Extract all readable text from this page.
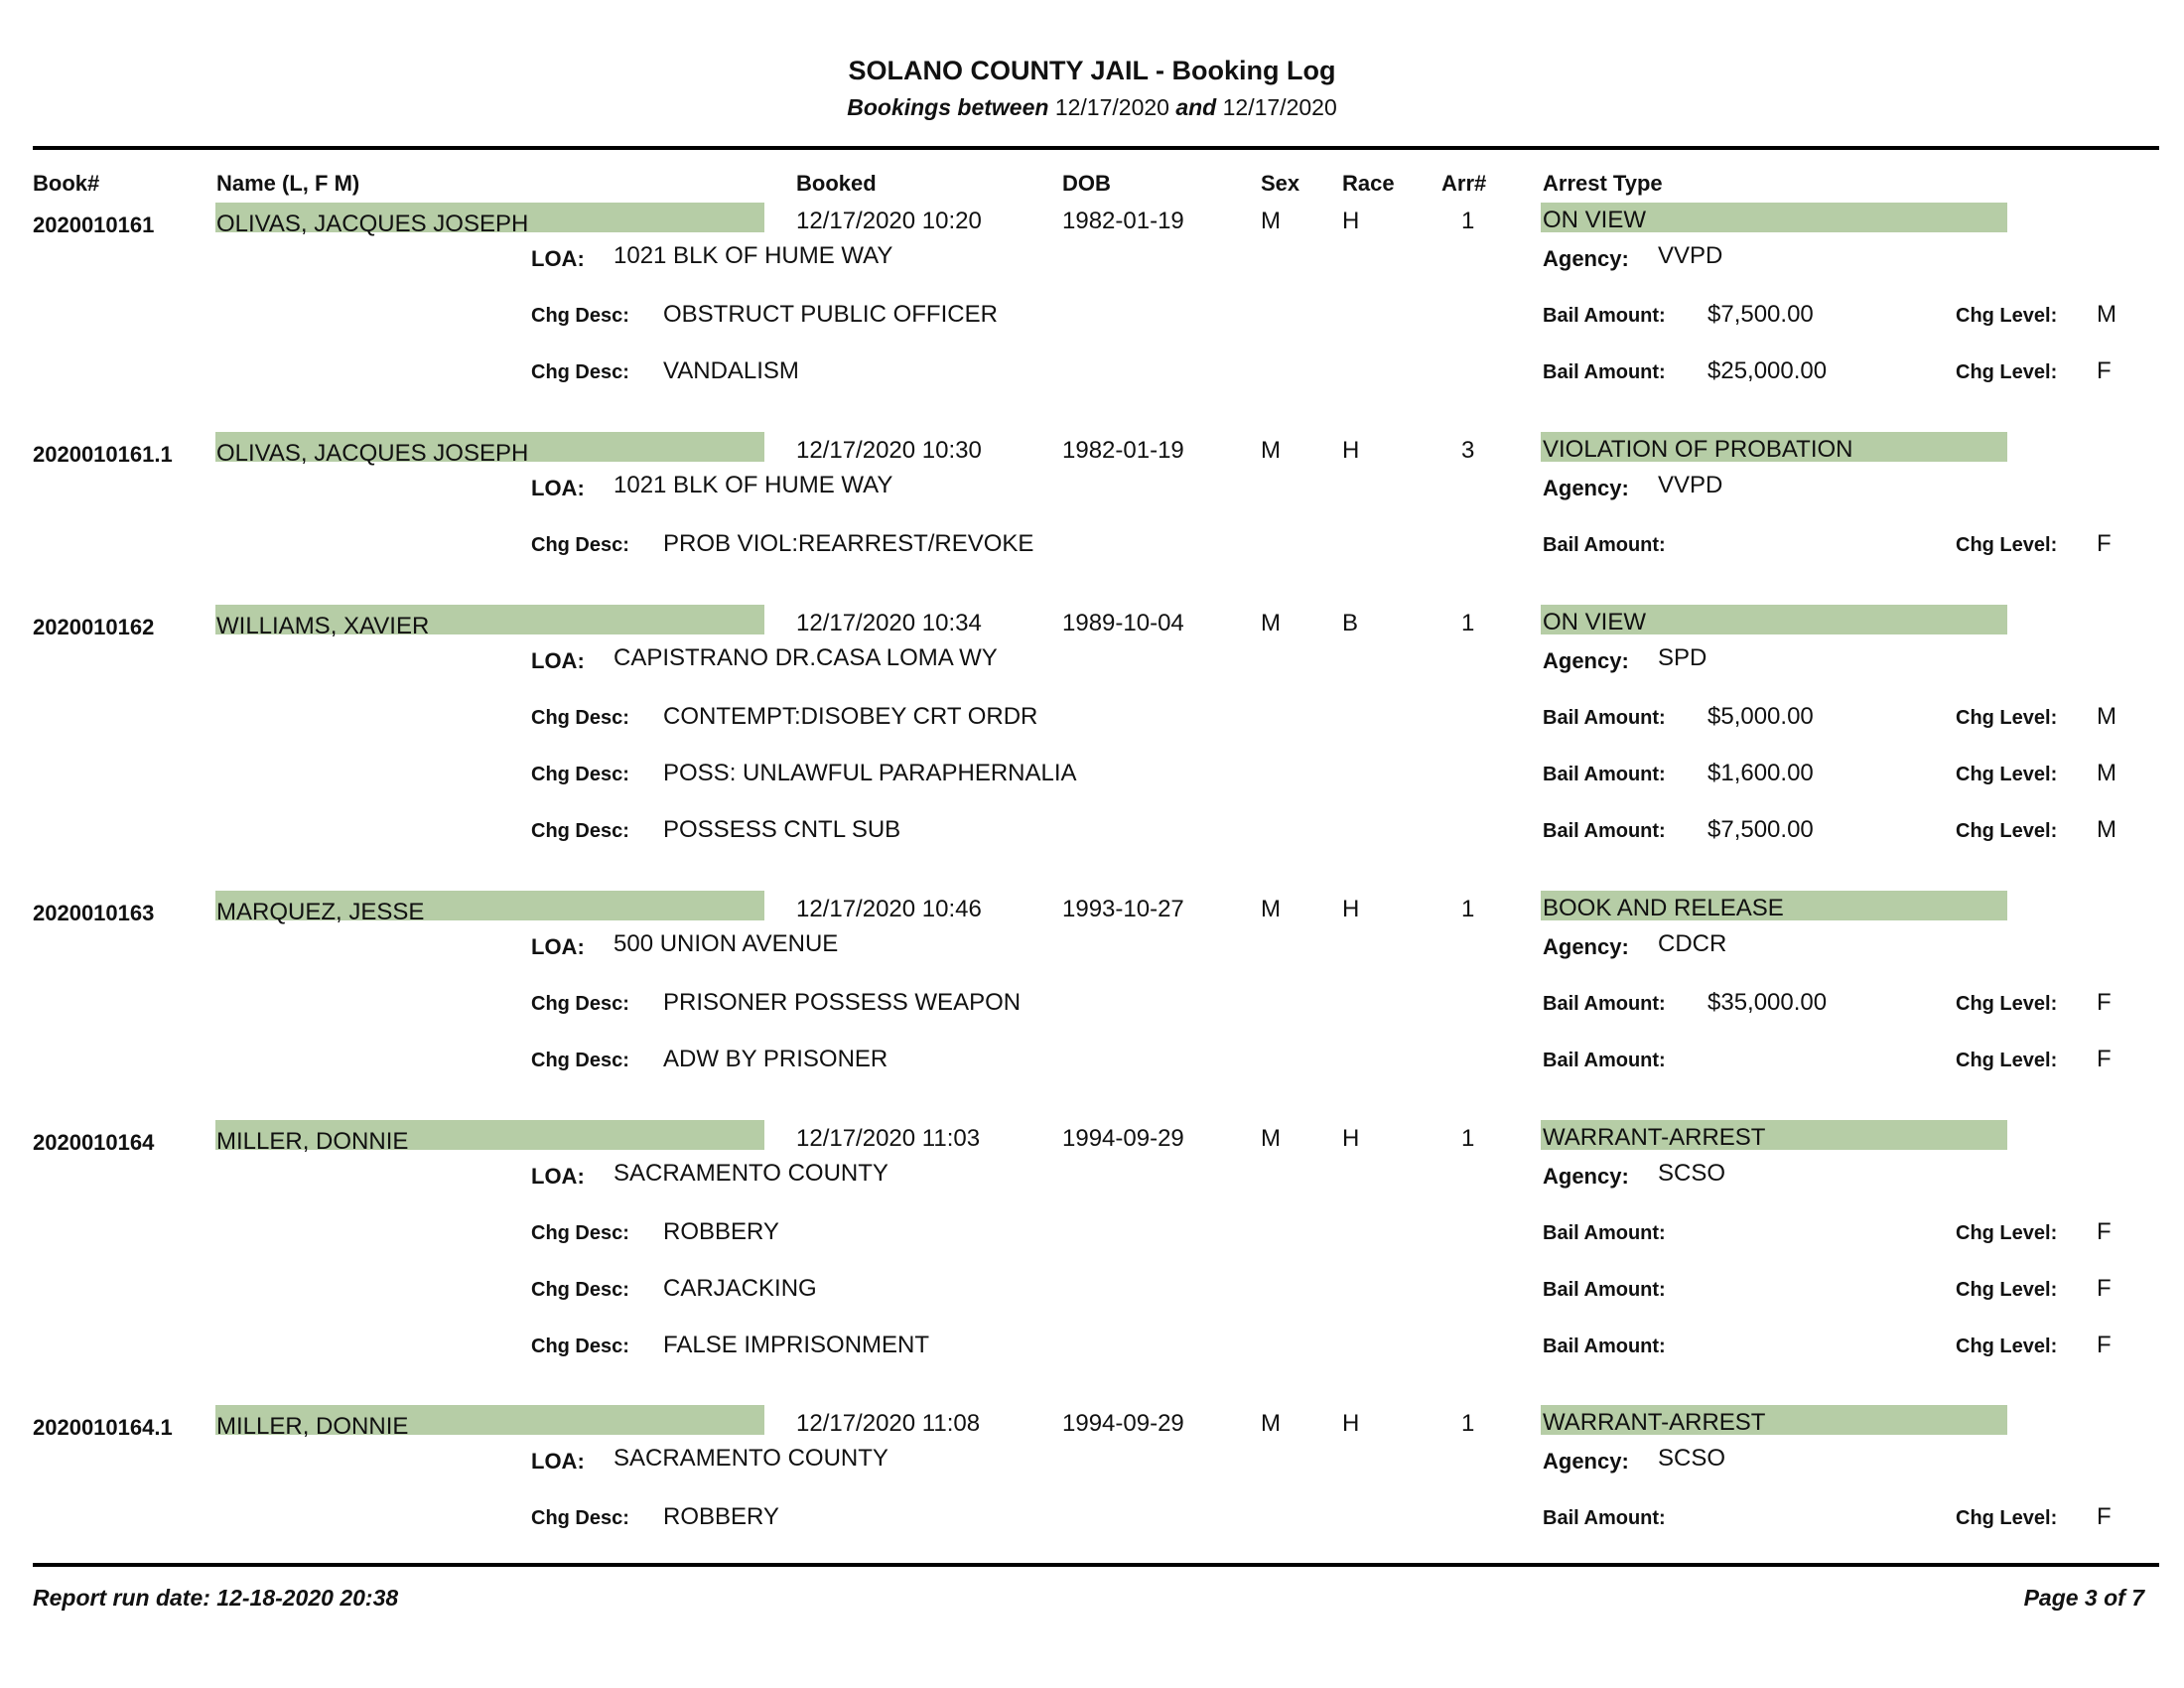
SOLANO COUNTY JAIL - Booking Log
Bookings between 12/17/2020 and 12/17/2020
Book#	Name (L, F M)	Booked	DOB	Sex Race Arr#	Arrest Type
2020010161	OLIVAS, JACQUES JOSEPH	12/17/2020 10:20	1982-01-19	M	H	1	ON VIEW
LOA: 1021 BLK OF HUME WAY	Agency: VVPD
Chg Desc: OBSTRUCT PUBLIC OFFICER	Bail Amount: $7,500.00	Chg Level: M
Chg Desc: VANDALISM	Bail Amount: $25,000.00	Chg Level: F
2020010161.1 OLIVAS, JACQUES JOSEPH	12/17/2020 10:30	1982-01-19	M	H	3	VIOLATION OF PROBATION
LOA: 1021 BLK OF HUME WAY	Agency: VVPD
Chg Desc: PROB VIOL:REARREST/REVOKE	Bail Amount:	Chg Level: F
2020010162	WILLIAMS, XAVIER	12/17/2020 10:34	1989-10-04	M	B	1	ON VIEW
LOA: CAPISTRANO DR.CASA LOMA WY	Agency: SPD
Chg Desc: CONTEMPT:DISOBEY CRT ORDR	Bail Amount: $5,000.00	Chg Level: M
Chg Desc: POSS: UNLAWFUL PARAPHERNALIA	Bail Amount: $1,600.00	Chg Level: M
Chg Desc: POSSESS CNTL SUB	Bail Amount: $7,500.00	Chg Level: M
2020010163	MARQUEZ, JESSE	12/17/2020 10:46	1993-10-27	M	H	1	BOOK AND RELEASE
LOA: 500 UNION AVENUE	Agency: CDCR
Chg Desc: PRISONER POSSESS WEAPON	Bail Amount: $35,000.00	Chg Level: F
Chg Desc: ADW BY PRISONER	Bail Amount:	Chg Level: F
2020010164	MILLER, DONNIE	12/17/2020 11:03	1994-09-29	M	H	1	WARRANT-ARREST
LOA: SACRAMENTO COUNTY	Agency: SCSO
Chg Desc: ROBBERY	Bail Amount:	Chg Level: F
Chg Desc: CARJACKING	Bail Amount:	Chg Level: F
Chg Desc: FALSE IMPRISONMENT	Bail Amount:	Chg Level: F
2020010164.1 MILLER, DONNIE	12/17/2020 11:08	1994-09-29	M	H	1	WARRANT-ARREST
LOA: SACRAMENTO COUNTY	Agency: SCSO
Chg Desc: ROBBERY	Bail Amount:	Chg Level: F
Report run date: 12-18-2020 20:38	Page 3 of 7
